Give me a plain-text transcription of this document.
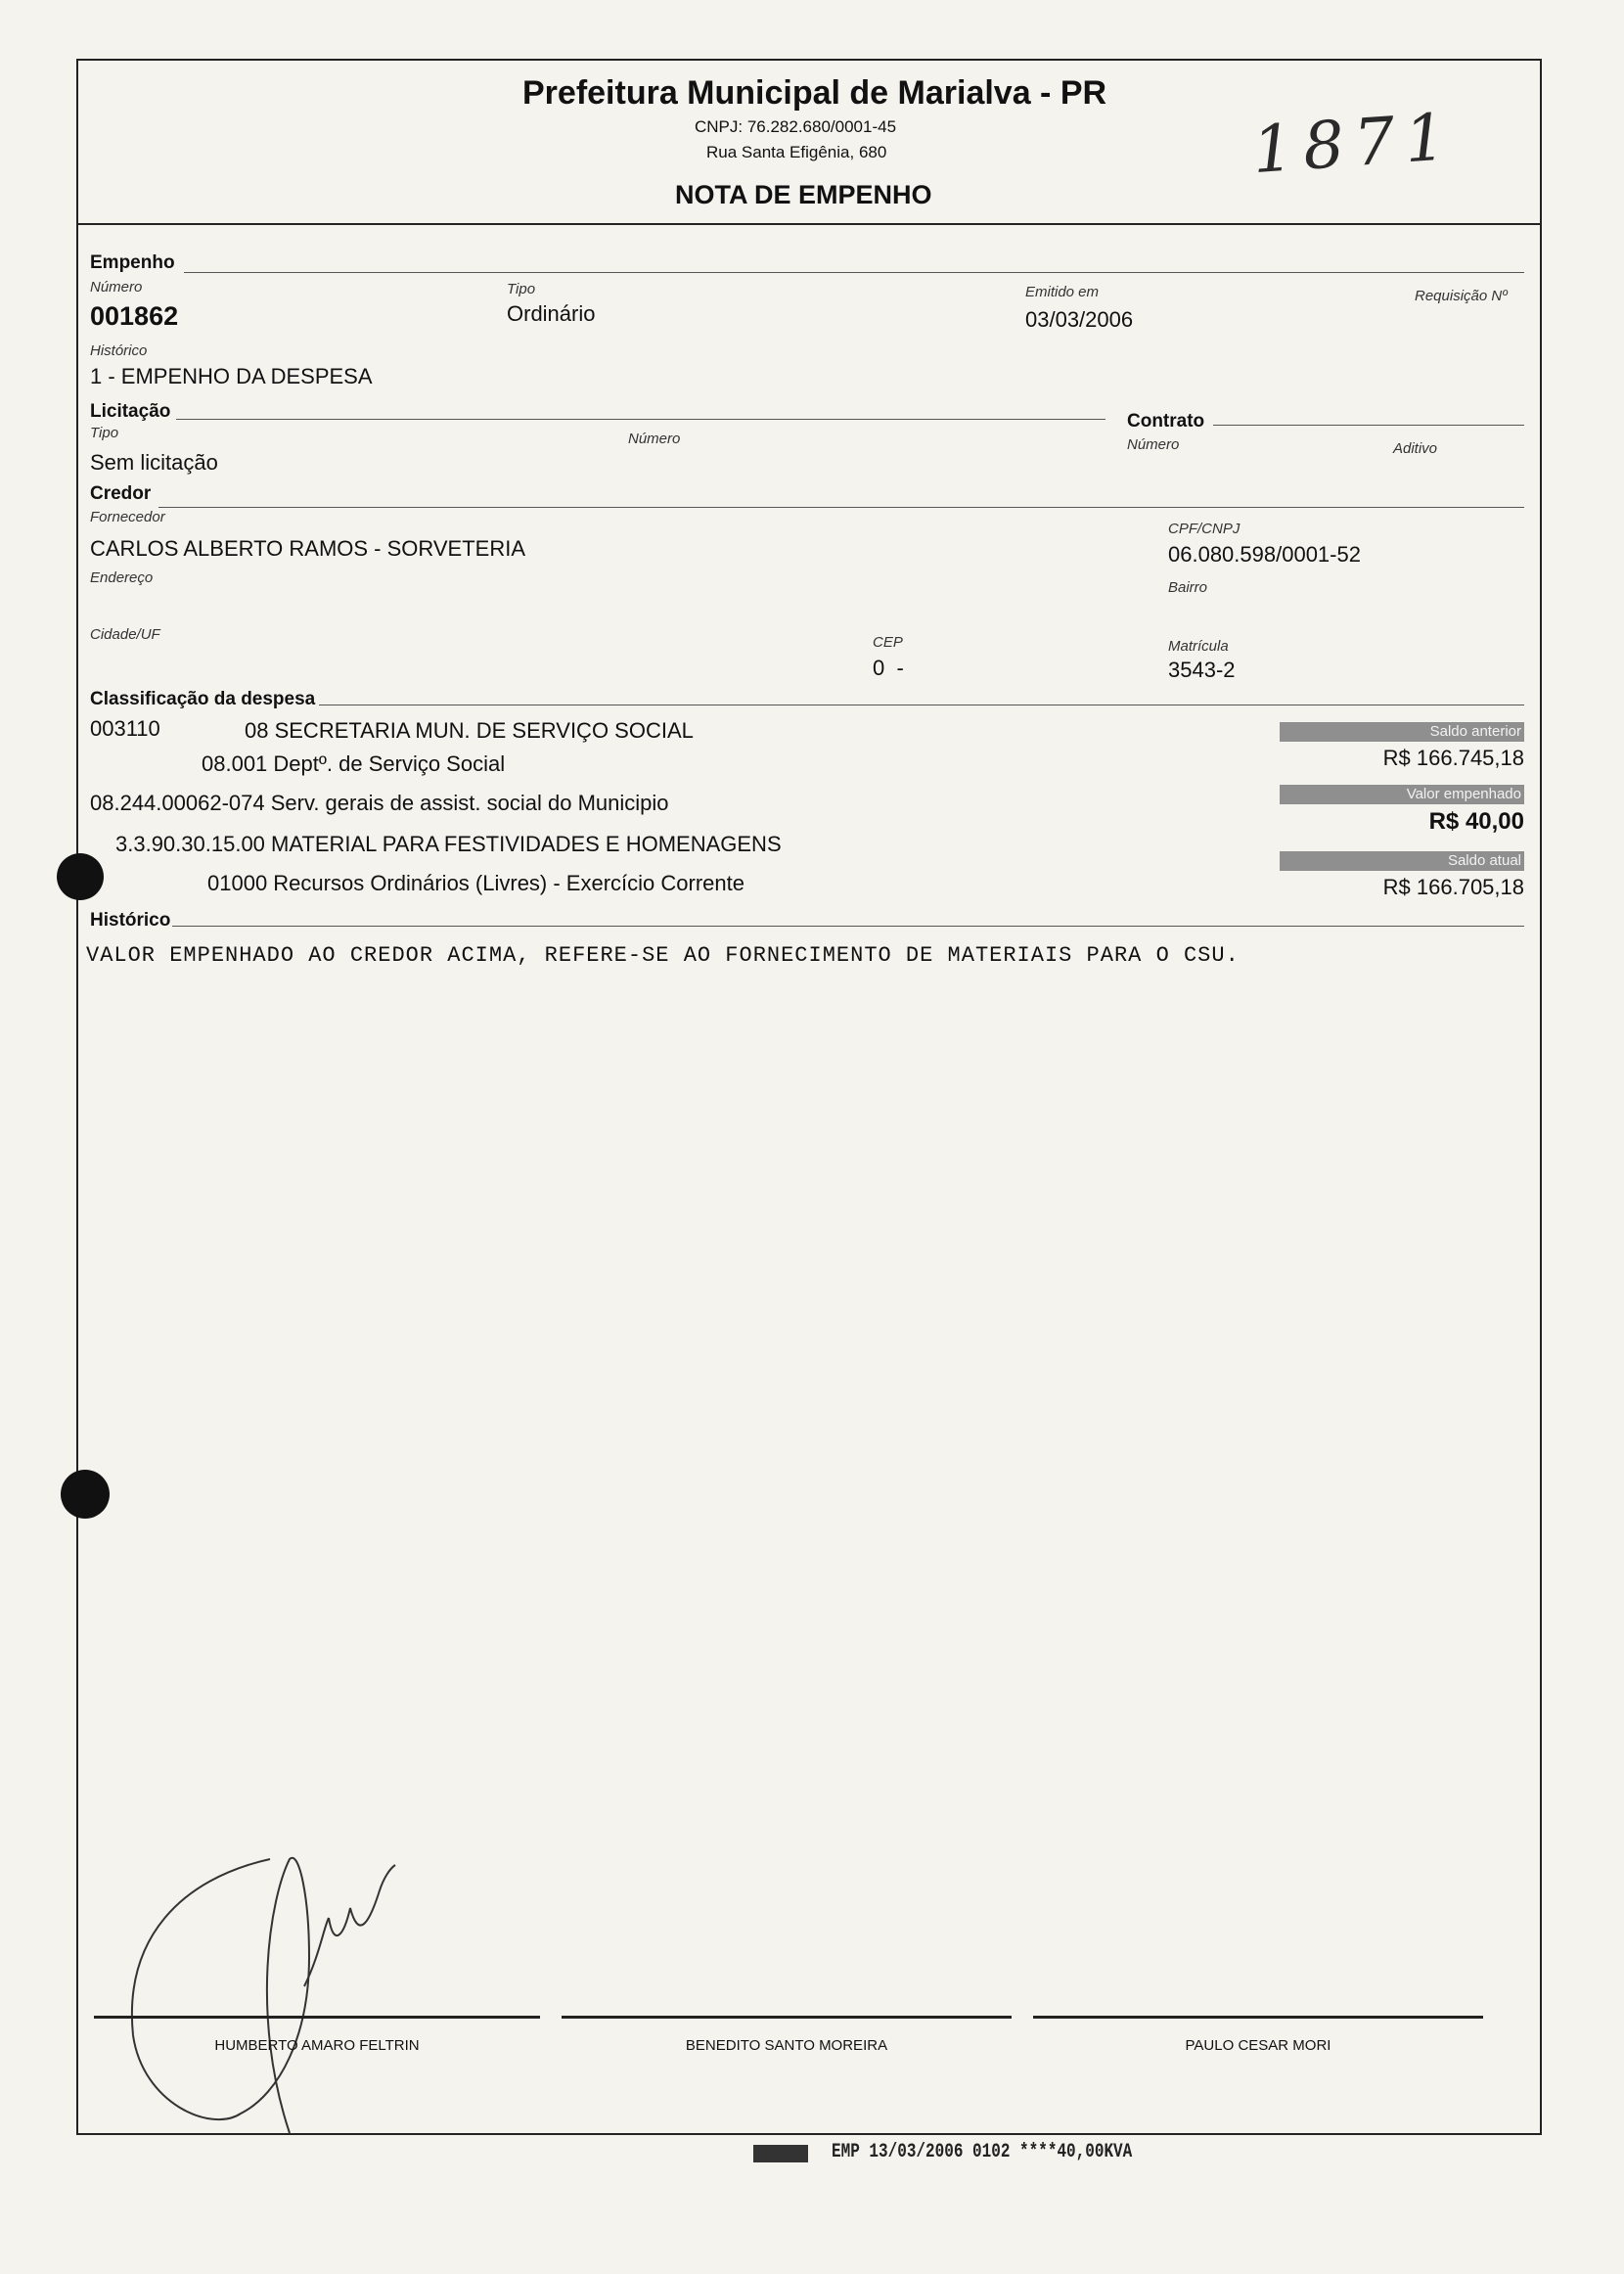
Prefeitura Municipal de Marialva - PR
CNPJ: 76.282.680/0001-45
Rua Santa Efigênia, 680
NOTA DE EMPENHO
1871
Empenho
Número
001862
Tipo
Ordinário
Emitido em
03/03/2006
Requisição Nº
Histórico
1 - EMPENHO DA DESPESA
Licitação
Tipo
Sem licitação
Número
Contrato
Número	Aditivo
Credor
Fornecedor
CARLOS ALBERTO RAMOS - SORVETERIA
CPF/CNPJ
06.080.598/0001-52
Endereço
Bairro
Cidade/UF	CEP
0  -
Matrícula
3543-2
Classificação da despesa
003110	08 SECRETARIA MUN. DE SERVIÇO SOCIAL
08.001 Deptº. de Serviço Social
08.244.00062-074 Serv. gerais de assist. social do Municipio
3.3.90.30.15.00 MATERIAL PARA FESTIVIDADES E HOMENAGENS
01000 Recursos Ordinários (Livres) - Exercício Corrente
Saldo anterior
R$ 166.745,18
Valor empenhado
R$ 40,00
Saldo atual
R$ 166.705,18
Histórico
VALOR EMPENHADO AO CREDOR ACIMA, REFERE-SE AO FORNECIMENTO DE MATERIAIS PARA O CSU.
HUMBERTO AMARO FELTRIN	BENEDITO SANTO MOREIRA	PAULO CESAR MORI
EMP 13/03/2006 0102 ****40,00KVA
